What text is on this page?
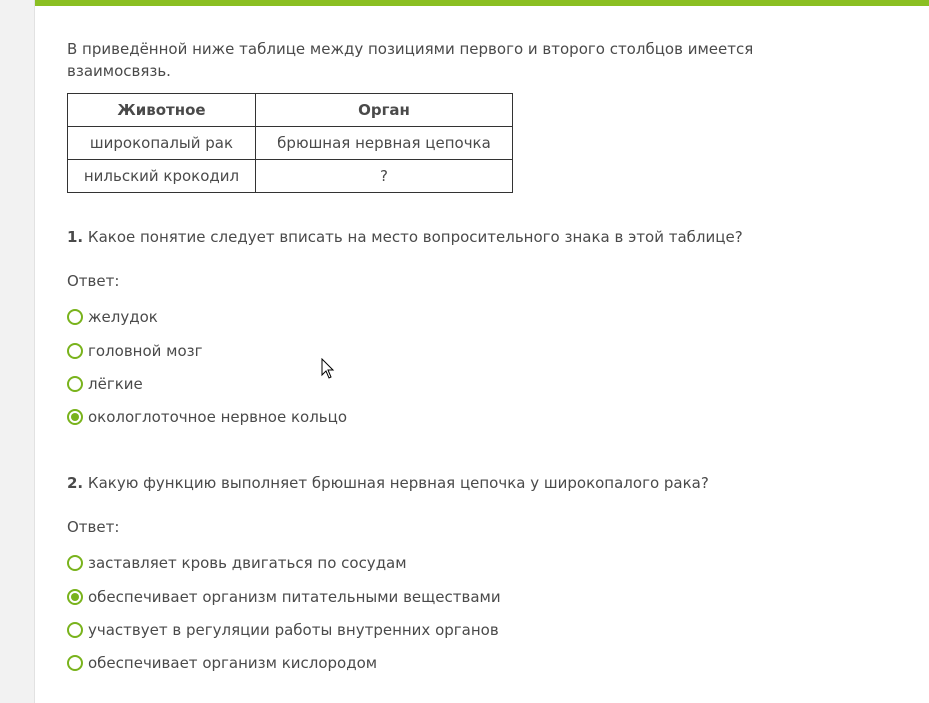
В приведённой ниже таблице между позициями первого и второго столбцов имеется взаимосвязь.

Животное	Орган
широкопалый рак	брюшная нервная цепочка
нильский крокодил	?

1. Какое понятие следует вписать на место вопросительного знака в этой таблице?

Ответ:

желудок
головной мозг
лёгкие
окологлоточное нервное кольцо

2. Какую функцию выполняет брюшная нервная цепочка у широкопалого рака?

Ответ:

заставляет кровь двигаться по сосудам
обеспечивает организм питательными веществами
участвует в регуляции работы внутренних органов
обеспечивает организм кислородом
